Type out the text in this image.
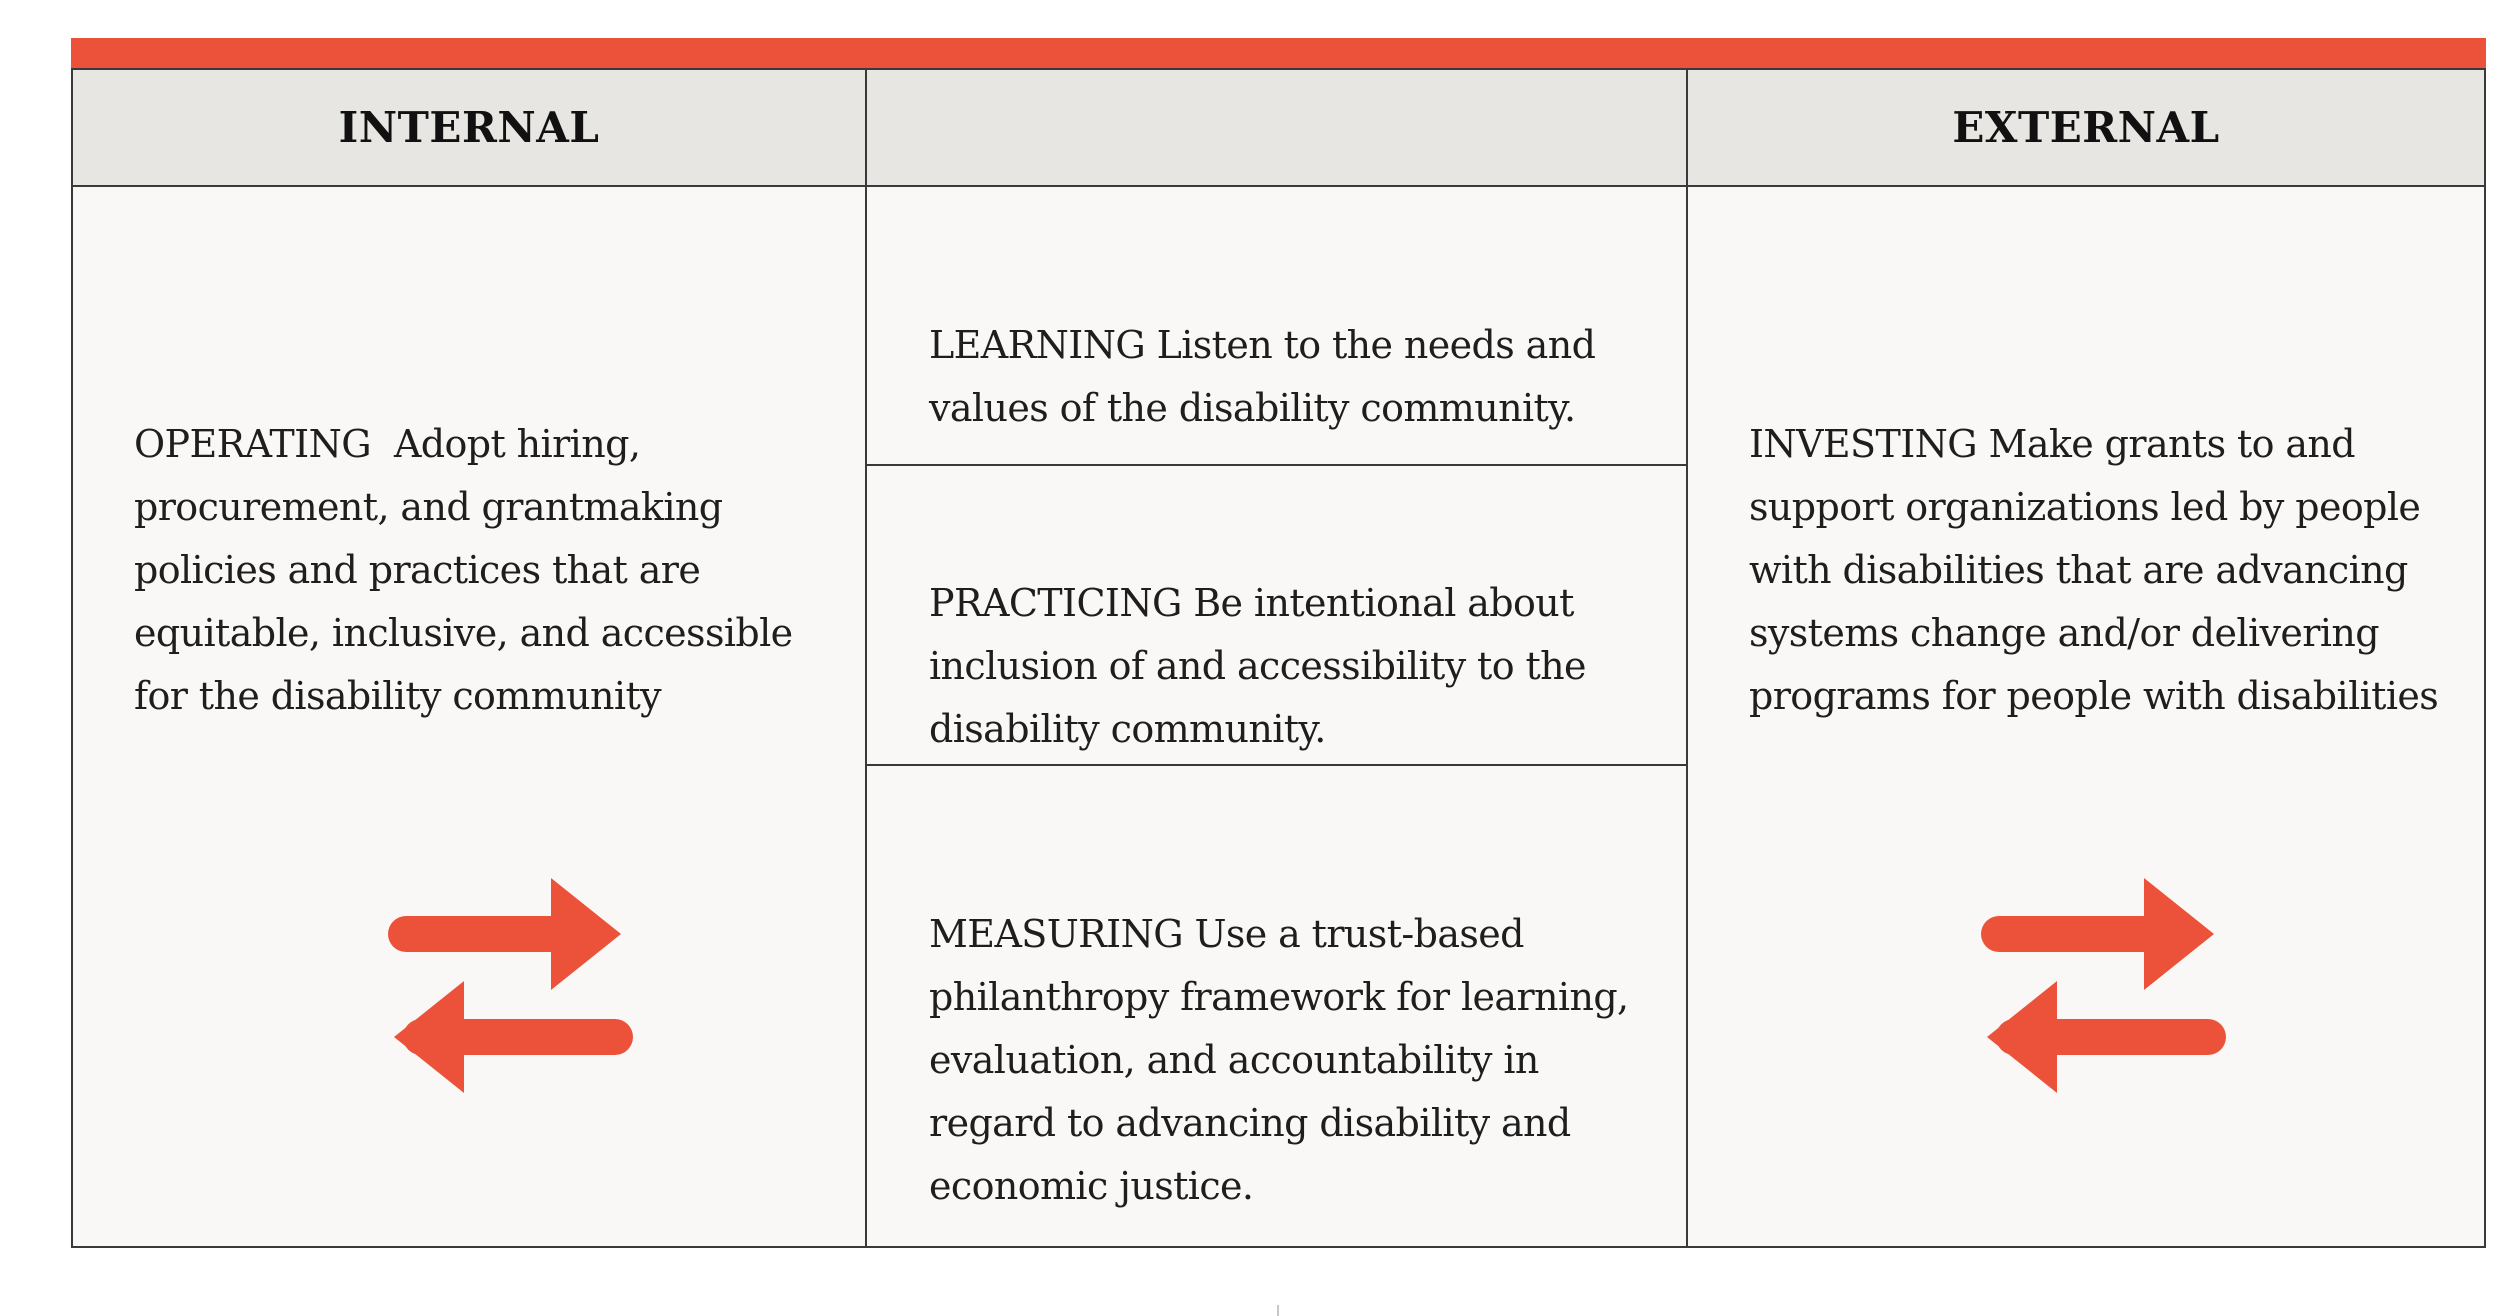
INTERNAL	EXTERNAL
OPERATING  Adopt hiring, procurement, and grantmaking policies and practices that are equitable, inclusive, and accessible for the disability community
LEARNING Listen to the needs and values of the disability community.
PRACTICING Be intentional about inclusion of and accessibility to the disability community.
MEASURING Use a trust-based philanthropy framework for learning, evaluation, and accountability in regard to advancing disability and economic justice.
INVESTING Make grants to and support organizations led by people with disabilities that are advancing systems change and/or delivering programs for people with disabilities
